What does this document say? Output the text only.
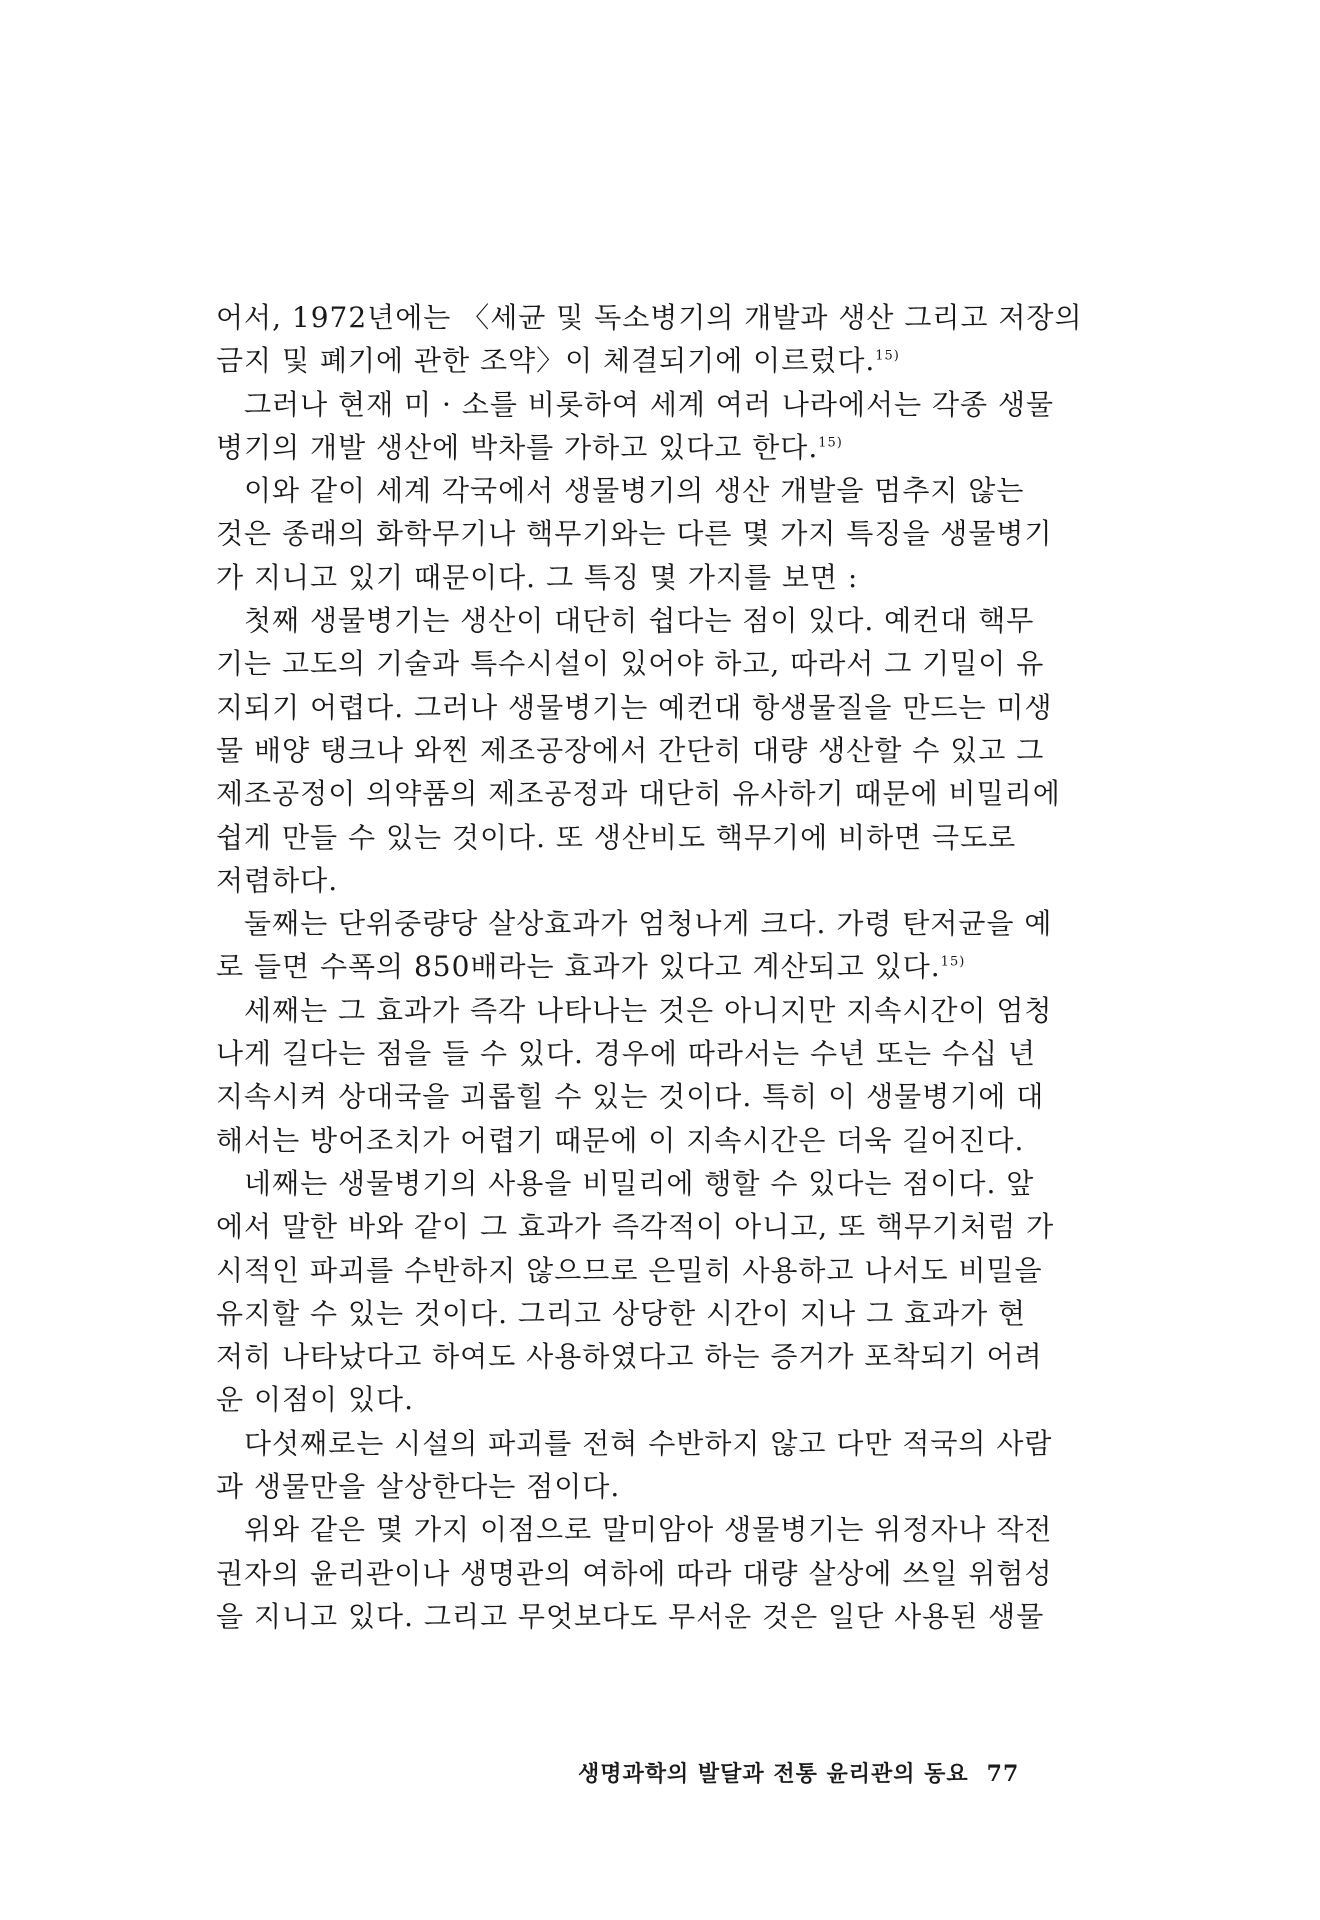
어서, 1972년에는 〈세균 및 독소병기의 개발과 생산 그리고 저장의
금지 및 폐기에 관한 조약〉이 체결되기에 이르렀다.$^{15)}$
그러나 현재 미 · 소를 비롯하여 세계 여러 나라에서는 각종 생물
병기의 개발 생산에 박차를 가하고 있다고 한다.$^{15)}$
이와 같이 세계 각국에서 생물병기의 생산 개발을 멈추지 않는
것은 종래의 화학무기나 핵무기와는 다른 몇 가지 특징을 생물병기
가 지니고 있기 때문이다. 그 특징 몇 가지를 보면 :
첫째 생물병기는 생산이 대단히 쉽다는 점이 있다. 예컨대 핵무
기는 고도의 기술과 특수시설이 있어야 하고, 따라서 그 기밀이 유
지되기 어렵다. 그러나 생물병기는 예컨대 항생물질을 만드는 미생
물 배양 탱크나 와찐 제조공장에서 간단히 대량 생산할 수 있고 그
제조공정이 의약품의 제조공정과 대단히 유사하기 때문에 비밀리에
쉽게 만들 수 있는 것이다. 또 생산비도 핵무기에 비하면 극도로
저렴하다.
둘째는 단위중량당 살상효과가 엄청나게 크다. 가령 탄저균을 예
로 들면 수폭의 850배라는 효과가 있다고 계산되고 있다.$^{15)}$
세째는 그 효과가 즉각 나타나는 것은 아니지만 지속시간이 엄청
나게 길다는 점을 들 수 있다. 경우에 따라서는 수년 또는 수십 년
지속시켜 상대국을 괴롭힐 수 있는 것이다. 특히 이 생물병기에 대
해서는 방어조치가 어렵기 때문에 이 지속시간은 더욱 길어진다.
네째는 생물병기의 사용을 비밀리에 행할 수 있다는 점이다. 앞
에서 말한 바와 같이 그 효과가 즉각적이 아니고, 또 핵무기처럼 가
시적인 파괴를 수반하지 않으므로 은밀히 사용하고 나서도 비밀을
유지할 수 있는 것이다. 그리고 상당한 시간이 지나 그 효과가 현
저히 나타났다고 하여도 사용하였다고 하는 증거가 포착되기 어려
운 이점이 있다.
다섯째로는 시설의 파괴를 전혀 수반하지 않고 다만 적국의 사람
과 생물만을 살상한다는 점이다.
위와 같은 몇 가지 이점으로 말미암아 생물병기는 위정자나 작전
권자의 윤리관이나 생명관의 여하에 따라 대량 살상에 쓰일 위험성
을 지니고 있다. 그리고 무엇보다도 무서운 것은 일단 사용된 생물
생명과학의 발달과 전통 윤리관의 동요 77
